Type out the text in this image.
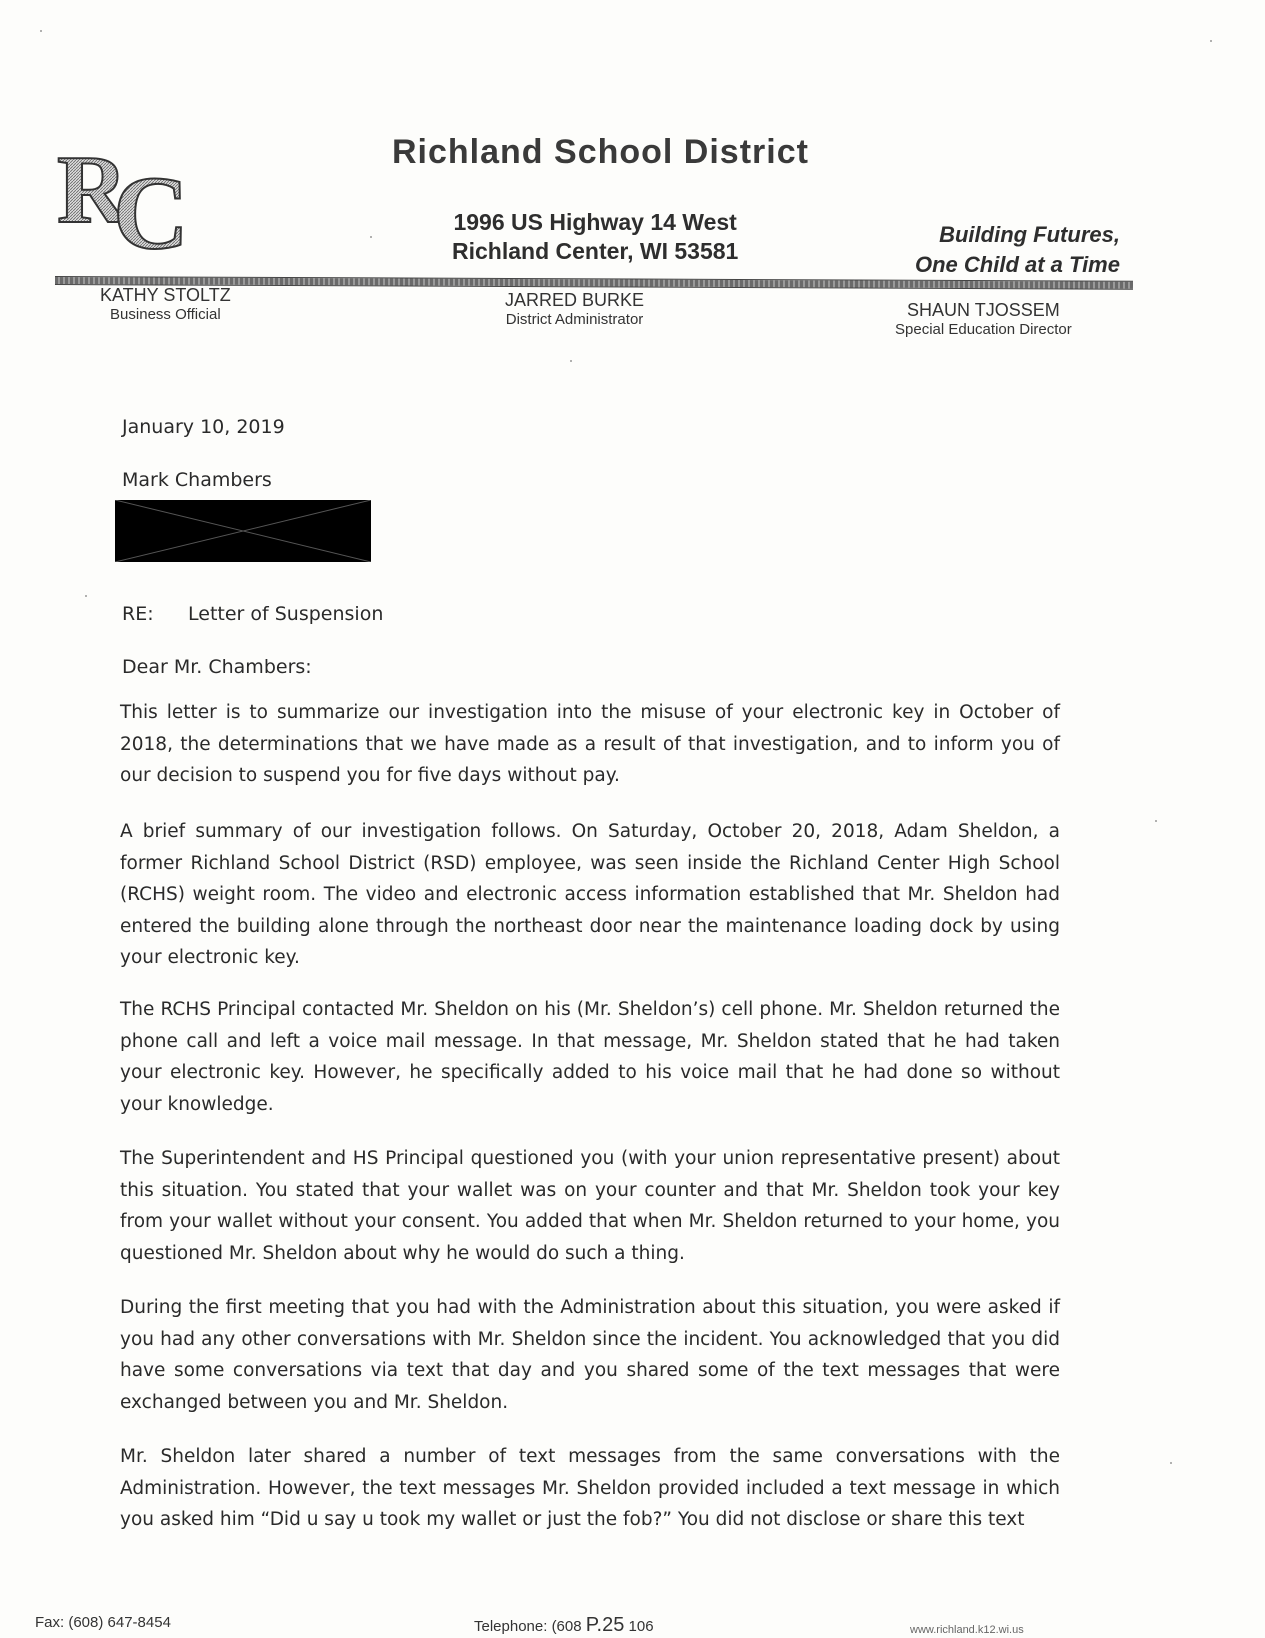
R
C
Richland School District
1996 US Highway 14 West
Richland Center, WI 53581
Building Futures,
One Child at a Time
KATHY STOLTZ
Business Official
JARRED BURKE
District Administrator	SHAUN TJOSSEM
Special Education Director
January 10, 2019
Mark Chambers
RE: Letter of Suspension
Dear Mr. Chambers:
This letter is to summarize our investigation into the misuse of your electronic key in October of 2018, the determinations that we have made as a result of that investigation, and to inform you of our decision to suspend you for five days without pay.
A brief summary of our investigation follows. On Saturday, October 20, 2018, Adam Sheldon, a former Richland School District (RSD) employee, was seen inside the Richland Center High School (RCHS) weight room. The video and electronic access information established that Mr. Sheldon had entered the building alone through the northeast door near the maintenance loading dock by using your electronic key.
The RCHS Principal contacted Mr. Sheldon on his (Mr. Sheldon’s) cell phone. Mr. Sheldon returned the phone call and left a voice mail message. In that message, Mr. Sheldon stated that he had taken your electronic key. However, he specifically added to his voice mail that he had done so without your knowledge.
The Superintendent and HS Principal questioned you (with your union representative present) about this situation. You stated that your wallet was on your counter and that Mr. Sheldon took your key from your wallet without your consent. You added that when Mr. Sheldon returned to your home, you questioned Mr. Sheldon about why he would do such a thing.
During the first meeting that you had with the Administration about this situation, you were asked if you had any other conversations with Mr. Sheldon since the incident. You acknowledged that you did have some conversations via text that day and you shared some of the text messages that were exchanged between you and Mr. Sheldon.
Mr. Sheldon later shared a number of text messages from the same conversations with the Administration. However, the text messages Mr. Sheldon provided included a text message in which you asked him “Did u say u took my wallet or just the fob?” You did not disclose or share this text
Fax: (608) 647-8454	Telephone: (608 P.25 106	www.richland.k12.wi.us
